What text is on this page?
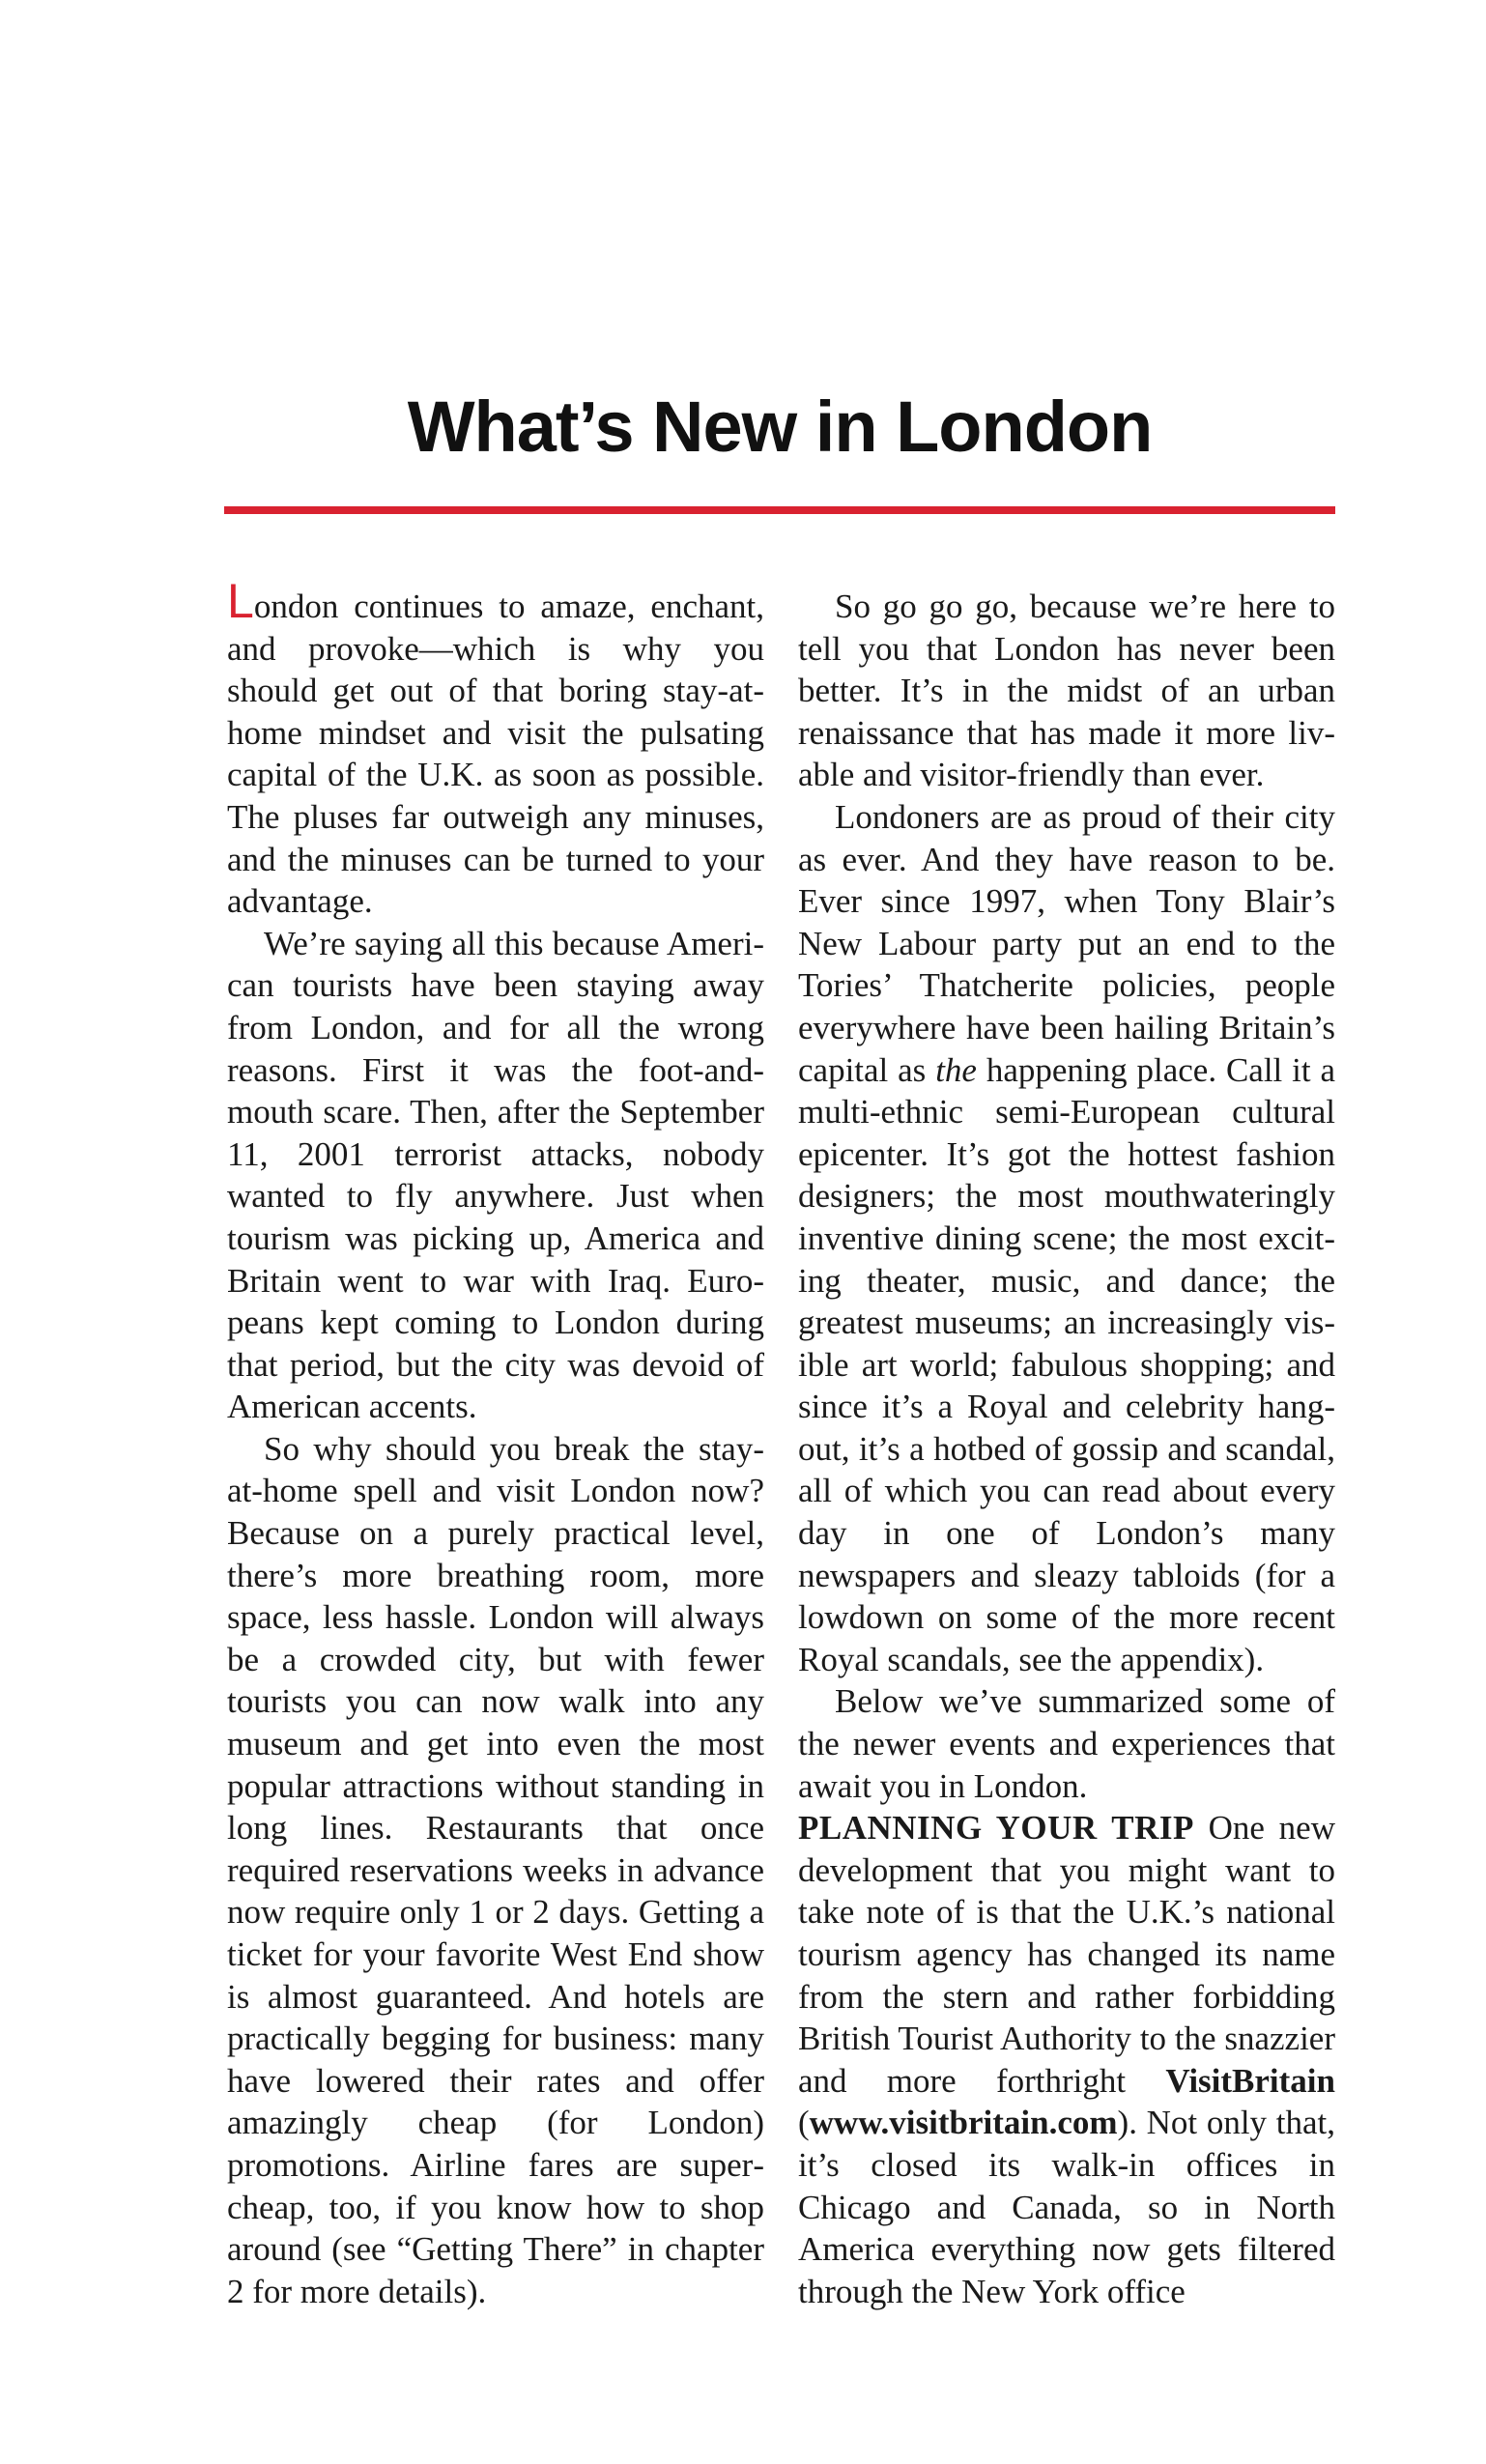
What’s New in London

London continues to amaze, enchant, and provoke—which is why you should get out of that boring stay-at-home mindset and visit the pulsating capital of the U.K. as soon as possible. The pluses far outweigh any minuses, and the minuses can be turned to your advantage.

We’re saying all this because American tourists have been staying away from London, and for all the wrong reasons. First it was the foot-and-mouth scare. Then, after the September 11, 2001 terrorist attacks, nobody wanted to fly anywhere. Just when tourism was picking up, America and Britain went to war with Iraq. Europeans kept coming to London during that period, but the city was devoid of American accents.

So why should you break the stay-at-home spell and visit London now? Because on a purely practical level, there’s more breathing room, more space, less hassle. London will always be a crowded city, but with fewer tourists you can now walk into any museum and get into even the most popular attractions without standing in long lines. Restaurants that once required reservations weeks in advance now require only 1 or 2 days. Getting a ticket for your favorite West End show is almost guaranteed. And hotels are practically begging for business: many have lowered their rates and offer amazingly cheap (for London) promotions. Airline fares are supercheap, too, if you know how to shop around (see “Getting There” in chapter 2 for more details).

So go go go, because we’re here to tell you that London has never been better. It’s in the midst of an urban renaissance that has made it more livable and visitor-friendly than ever.

Londoners are as proud of their city as ever. And they have reason to be. Ever since 1997, when Tony Blair’s New Labour party put an end to the Tories’ Thatcherite policies, people everywhere have been hailing Britain’s capital as the happening place. Call it a multi-ethnic semi-European cultural epicenter. It’s got the hottest fashion designers; the most mouthwateringly inventive dining scene; the most exciting theater, music, and dance; the greatest museums; an increasingly visible art world; fabulous shopping; and since it’s a Royal and celebrity hangout, it’s a hotbed of gossip and scandal, all of which you can read about every day in one of London’s many newspapers and sleazy tabloids (for a lowdown on some of the more recent Royal scandals, see the appendix).

Below we’ve summarized some of the newer events and experiences that await you in London.

PLANNING YOUR TRIP One new development that you might want to take note of is that the U.K.’s national tourism agency has changed its name from the stern and rather forbidding British Tourist Authority to the snazzier and more forthright VisitBritain (www.visitbritain.com). Not only that, it’s closed its walk-in offices in Chicago and Canada, so in North America everything now gets filtered through the New York office
